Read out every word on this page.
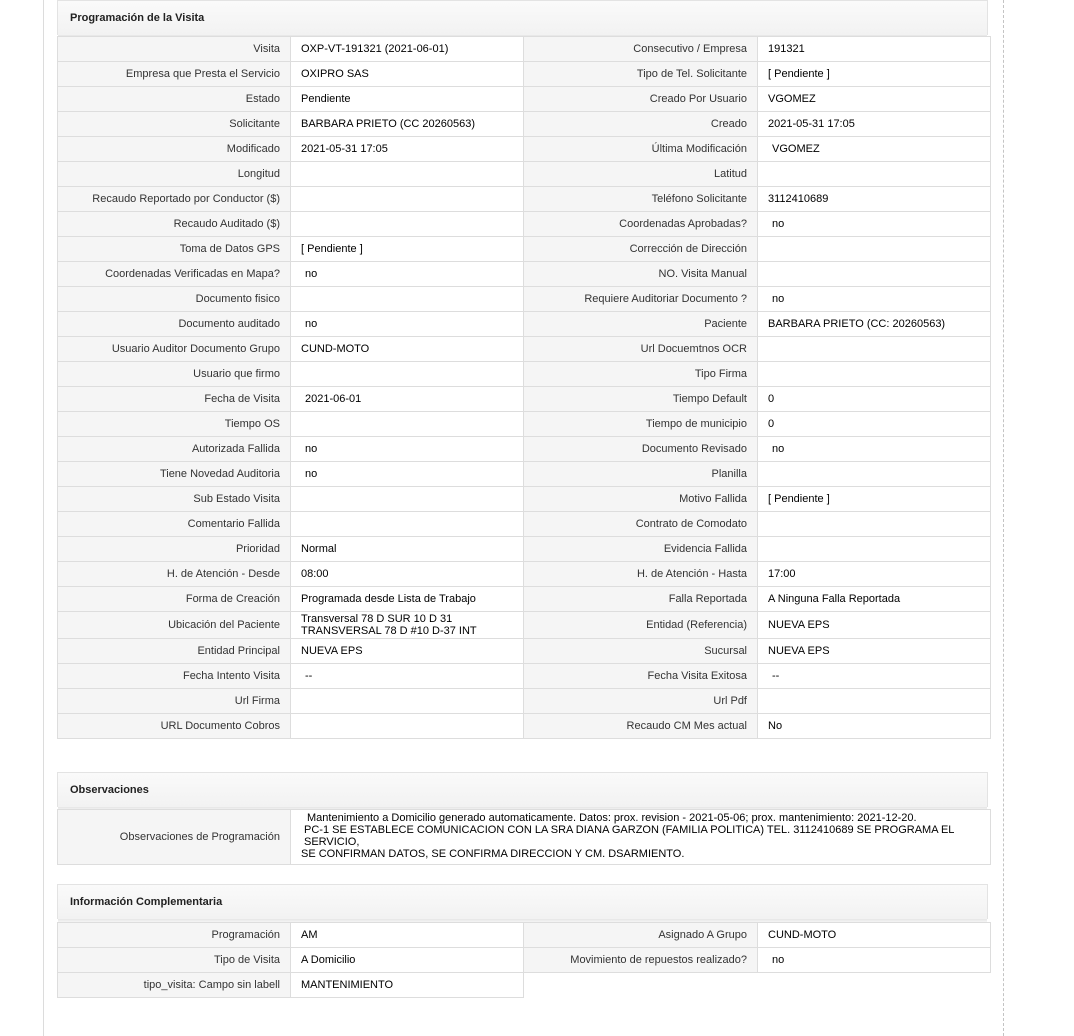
Programación de la Visita
Visita	OXP-VT-191321 (2021-06-01)	Consecutivo / Empresa	191321
Empresa que Presta el Servicio	OXIPRO SAS	Tipo de Tel. Solicitante	[ Pendiente ]
Estado	Pendiente	Creado Por Usuario	VGOMEZ
Solicitante	BARBARA PRIETO (CC 20260563)	Creado	2021-05-31 17:05
Modificado	2021-05-31 17:05	Última Modificación	VGOMEZ
Longitud		Latitud	
Recaudo Reportado por Conductor ($)		Teléfono Solicitante	3112410689
Recaudo Auditado ($)		Coordenadas Aprobadas?	no
Toma de Datos GPS	[ Pendiente ]	Corrección de Dirección	
Coordenadas Verificadas en Mapa?	no	NO. Visita Manual	
Documento fisico		Requiere Auditoriar Documento ?	no
Documento auditado	no	Paciente	BARBARA PRIETO (CC: 20260563)
Usuario Auditor Documento Grupo	CUND-MOTO	Url Docuemtnos OCR	
Usuario que firmo		Tipo Firma	
Fecha de Visita	2021-06-01	Tiempo Default	0
Tiempo OS		Tiempo de municipio	0
Autorizada Fallida	no	Documento Revisado	no
Tiene Novedad Auditoria	no	Planilla	
Sub Estado Visita		Motivo Fallida	[ Pendiente ]
Comentario Fallida		Contrato de Comodato	
Prioridad	Normal	Evidencia Fallida	
H. de Atención - Desde	08:00	H. de Atención - Hasta	17:00
Forma de Creación	Programada desde Lista de Trabajo	Falla Reportada	A Ninguna Falla Reportada
Ubicación del Paciente	Transversal 78 D SUR 10 D 31
TRANSVERSAL 78 D #10 D-37 INT	Entidad (Referencia)	NUEVA EPS
Entidad Principal	NUEVA EPS	Sucursal	NUEVA EPS
Fecha Intento Visita	--	Fecha Visita Exitosa	--
Url Firma		Url Pdf	
URL Documento Cobros		Recaudo CM Mes actual	No
Observaciones
Observaciones de Programación	
Mantenimiento a Domicilio generado automaticamente. Datos: prox. revision - 2021-05-06; prox. mantenimiento: 2021-12-20.
PC-1 SE ESTABLECE COMUNICACION CON LA SRA DIANA GARZON (FAMILIA POLITICA) TEL. 3112410689 SE PROGRAMA EL SERVICIO,
SE CONFIRMAN DATOS, SE CONFIRMA DIRECCION Y CM. DSARMIENTO.
Información Complementaria
Programación	AM	Asignado A Grupo	CUND-MOTO
Tipo de Visita	A Domicilio	Movimiento de repuestos realizado?	no
tipo_visita: Campo sin labell	MANTENIMIENTO		
